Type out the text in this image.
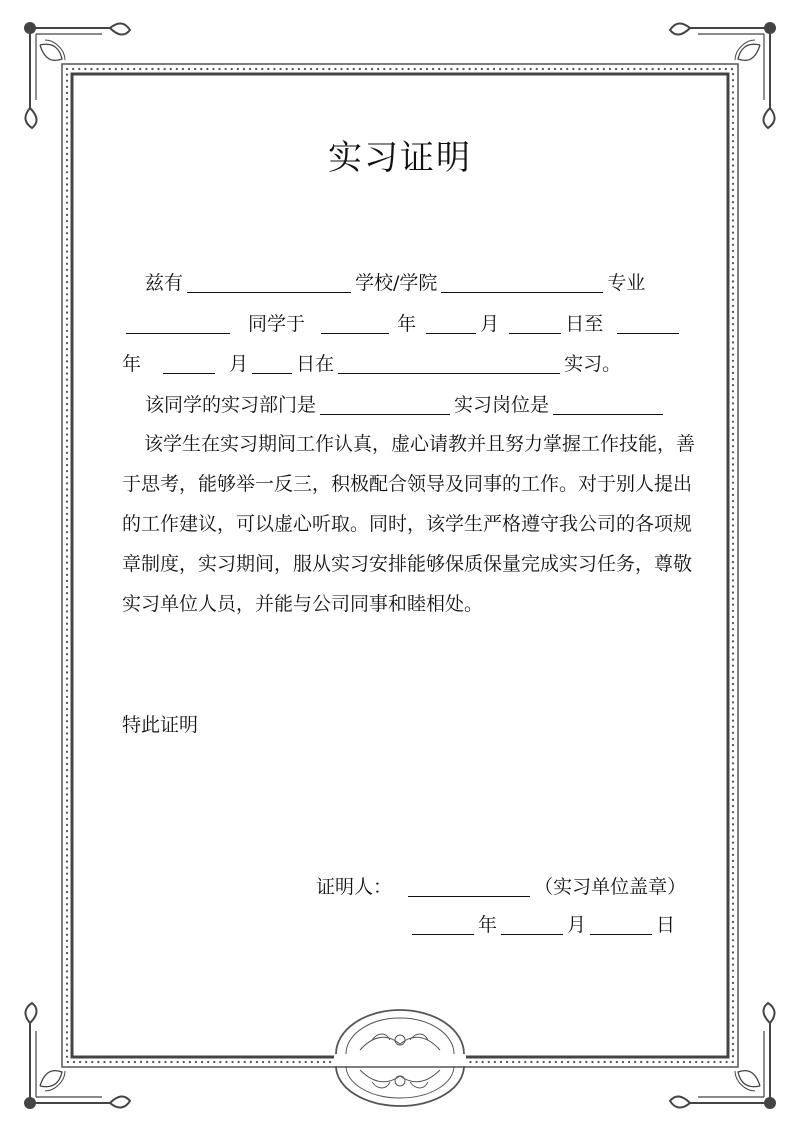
实习证明
兹有	学校/学院	专业
同学于	年	月	日至
年	月	日在	实习。
该同学的实习部门是	实习岗位是
该学生在实习期间工作认真，虚心请教并且努力掌握工作技能，善于思考，能够举一反三，积极配合领导及同事的工作。对于别人提出的工作建议，可以虚心听取。同时，该学生严格遵守我公司的各项规章制度，实习期间，服从实习安排能够保质保量完成实习任务，尊敬实习单位人员，并能与公司同事和睦相处。
特此证明
证明人：	（实习单位盖章）
年	月	日
